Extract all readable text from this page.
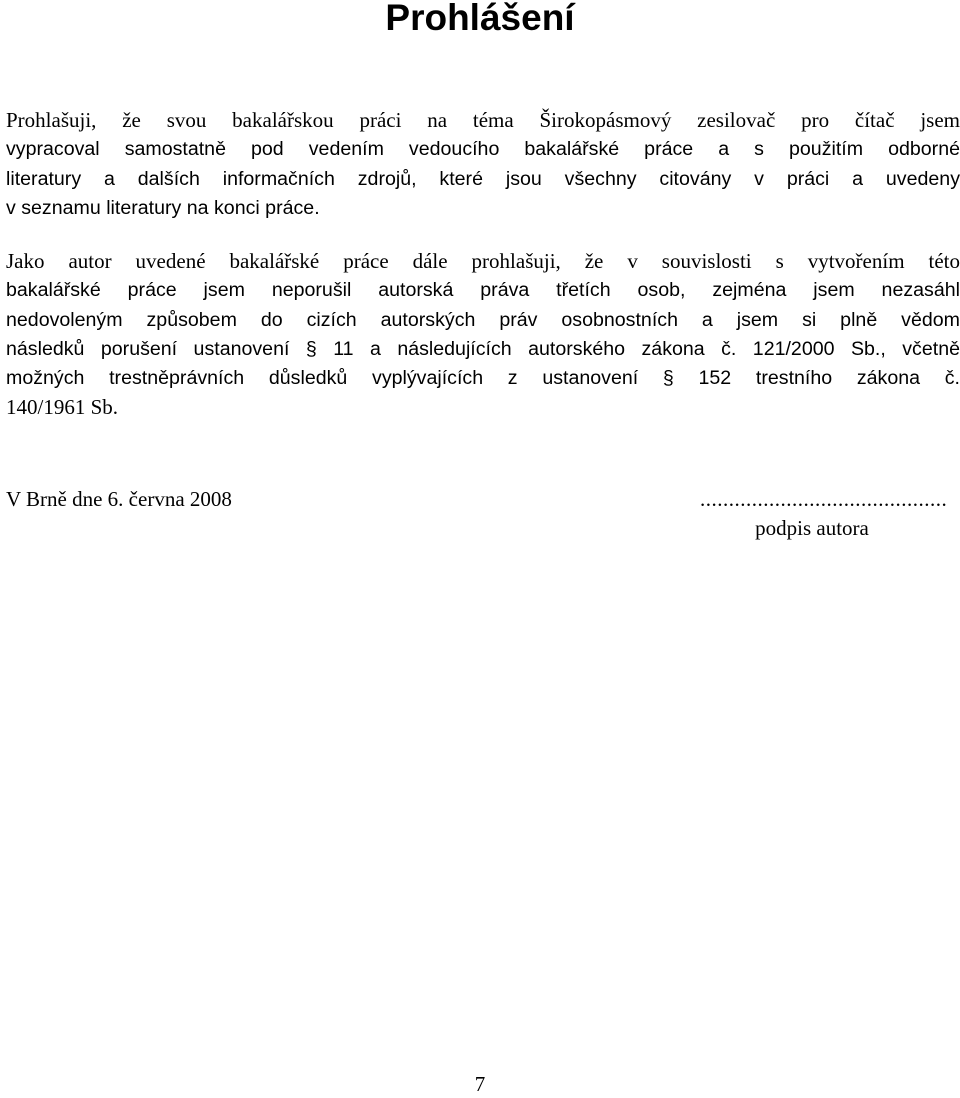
Prohlášení

Prohlašuji, že svou bakalářskou práci na téma Širokopásmový zesilovač pro čítač jsem
vypracoval samostatně pod vedením vedoucího bakalářské práce a s použitím odborné
literatury a dalších informačních zdrojů, které jsou všechny citovány v práci a uvedeny
v seznamu literatury na konci práce.

Jako autor uvedené bakalářské práce dále prohlašuji, že v souvislosti s vytvořením této
bakalářské práce jsem neporušil autorská práva třetích osob, zejména jsem nezasáhl
nedovoleným způsobem do cizích autorských práv osobnostních a jsem si plně vědom
následků porušení ustanovení § 11 a následujících autorského zákona č. 121/2000 Sb., včetně
možných trestněprávních důsledků vyplývajících z ustanovení § 152 trestního zákona č.
140/1961 Sb.

V Brně dne 6. června 2008	...........................................
podpis autora

7
